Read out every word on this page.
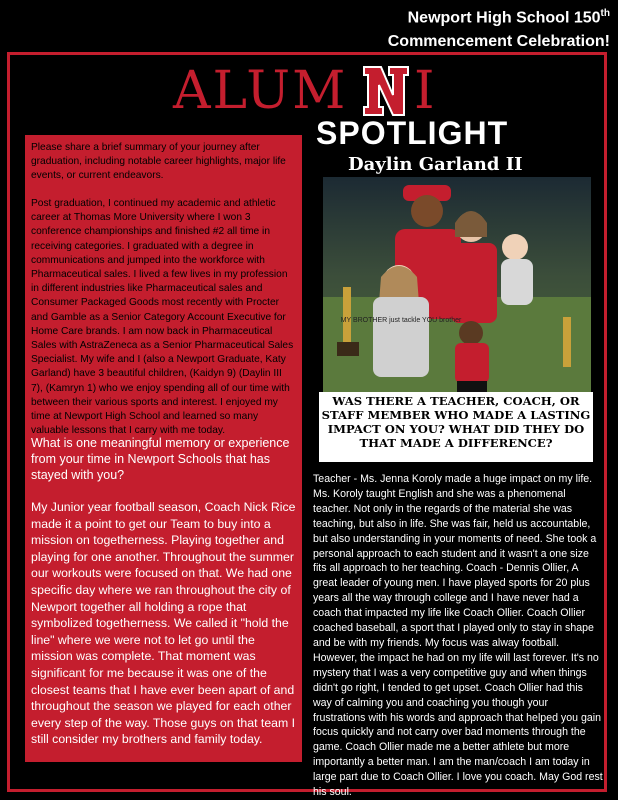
Newport High School 150th
Commencement Celebration!
ALUM I
SPOTLIGHT
Daylin Garland II
Please share a brief summary of your journey after graduation, including notable career highlights, major life events, or current endeavors.
Post graduation, I continued my academic and athletic career at Thomas More University where I won 3 conference championships and finished #2 all time in receiving categories. I graduated with a degree in communications and jumped into the workforce with Pharmaceutical sales. I lived a few lives in my profession in different industries like Pharmaceutical sales and Consumer Packaged Goods most recently with Procter and Gamble as a Senior Category Account Executive for Home Care brands. I am now back in Pharmaceutical Sales with AstraZeneca as a Senior Pharmaceutical Sales Specialist. My wife and I (also a Newport Graduate, Katy Garland) have 3 beautiful children, (Kaidyn 9) (Daylin III 7), (Kamryn 1) who we enjoy spending all of our time with between their various sports and interest. I enjoyed my time at Newport High School and learned so many valuable lessons that I carry with me today.
What is one meaningful memory or experience from your time in Newport Schools that has stayed with you?
My Junior year football season, Coach Nick Rice made it a point to get our Team to buy into a mission on togetherness. Playing together and playing for one another. Throughout the summer our workouts were focused on that. We had one specific day where we ran throughout the city of Newport together all holding a rope that symbolized togetherness. We called it "hold the line" where we were not to let go until the mission was complete. That moment was significant for me because it was one of the closest teams that I have ever been apart of and throughout the season we played for each other every step of the way. Those guys on that team I still consider my brothers and family today.
MY BROTHER just tackle YOU brother
WAS THERE A TEACHER, COACH, OR STAFF MEMBER WHO MADE A LASTING IMPACT ON YOU? WHAT DID THEY DO THAT MADE A DIFFERENCE?
Teacher - Ms. Jenna Koroly made a huge impact on my life. Ms. Koroly taught English and she was a phenomenal teacher. Not only in the regards of the material she was teaching, but also in life. She was fair, held us accountable, but also understanding in your moments of need. She took a personal approach to each student and it wasn't a one size fits all approach to her teaching. Coach - Dennis Ollier, A great leader of young men. I have played sports for 20 plus years all the way through college and I have never had a coach that impacted my life like Coach Ollier. Coach Ollier coached baseball, a sport that I played only to stay in shape and be with my friends. My focus was alway football. However, the impact he had on my life will last forever. It's no mystery that I was a very competitive guy and when things didn't go right, I tended to get upset. Coach Ollier had this way of calming you and coaching you though your frustrations with his words and approach that helped you gain focus quickly and not carry over bad moments through the game. Coach Ollier made me a better athlete but more importantly a better man. I am the man/coach I am today in large part due to Coach Ollier. I love you coach. May God rest his soul.
